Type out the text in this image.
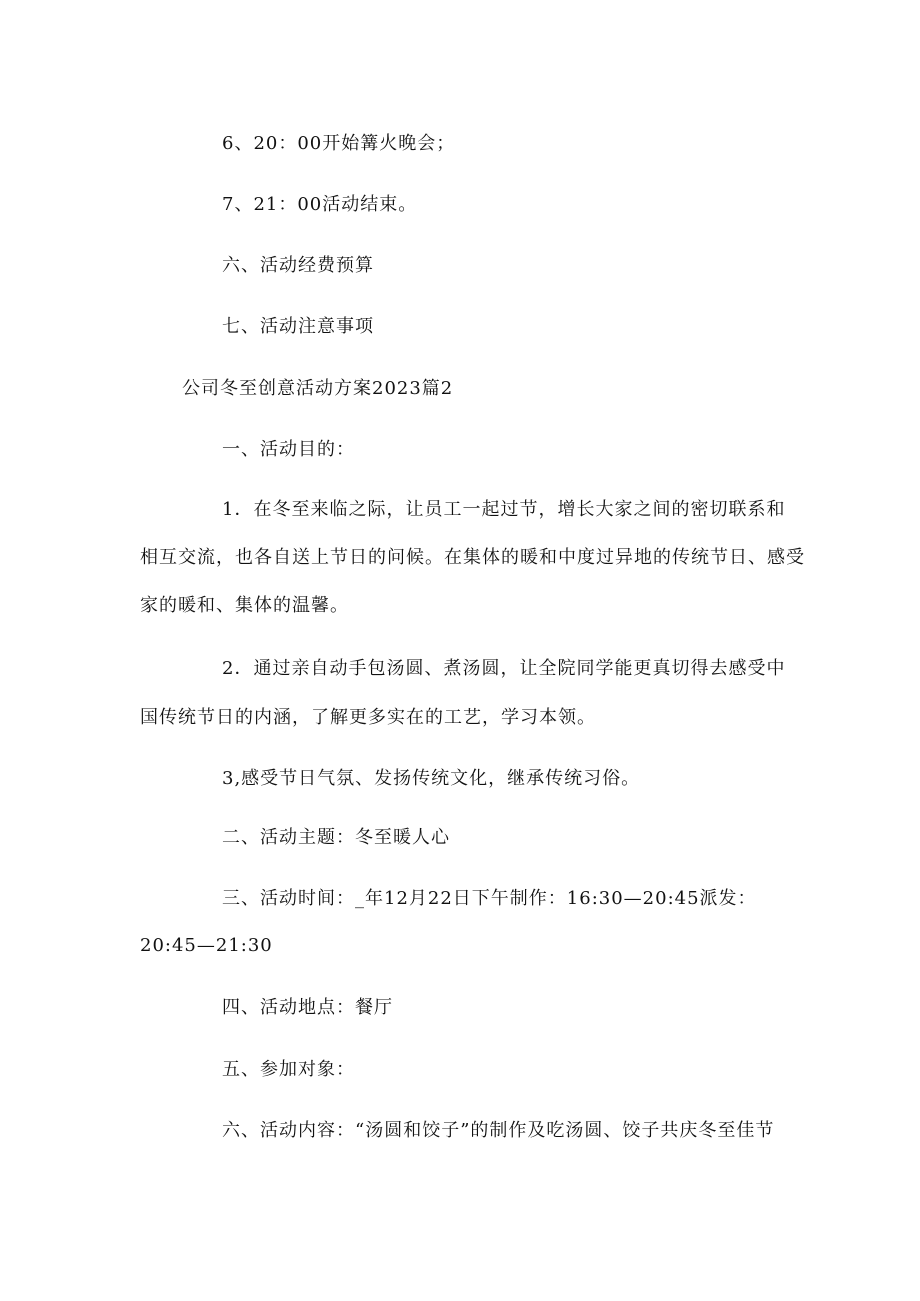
6、20：00开始篝火晚会；
7、21：00活动结束。
六、活动经费预算
七、活动注意事项
公司冬至创意活动方案2023篇2
一、活动目的：
1．在冬至来临之际，让员工一起过节，增长大家之间的密切联系和
相互交流，也各自送上节日的问候。在集体的暖和中度过异地的传统节日、感受
家的暖和、集体的温馨。
2．通过亲自动手包汤圆、煮汤圆，让全院同学能更真切得去感受中
国传统节日的内涵，了解更多实在的工艺，学习本领。
3,感受节日气氛、发扬传统文化，继承传统习俗。
二、活动主题：冬至暖人心
三、活动时间：_年12月22日下午制作：16:30—20:45派发：
20:45—21:30
四、活动地点：餐厅
五、参加对象：
六、活动内容：“汤圆和饺子”的制作及吃汤圆、饺子共庆冬至佳节
